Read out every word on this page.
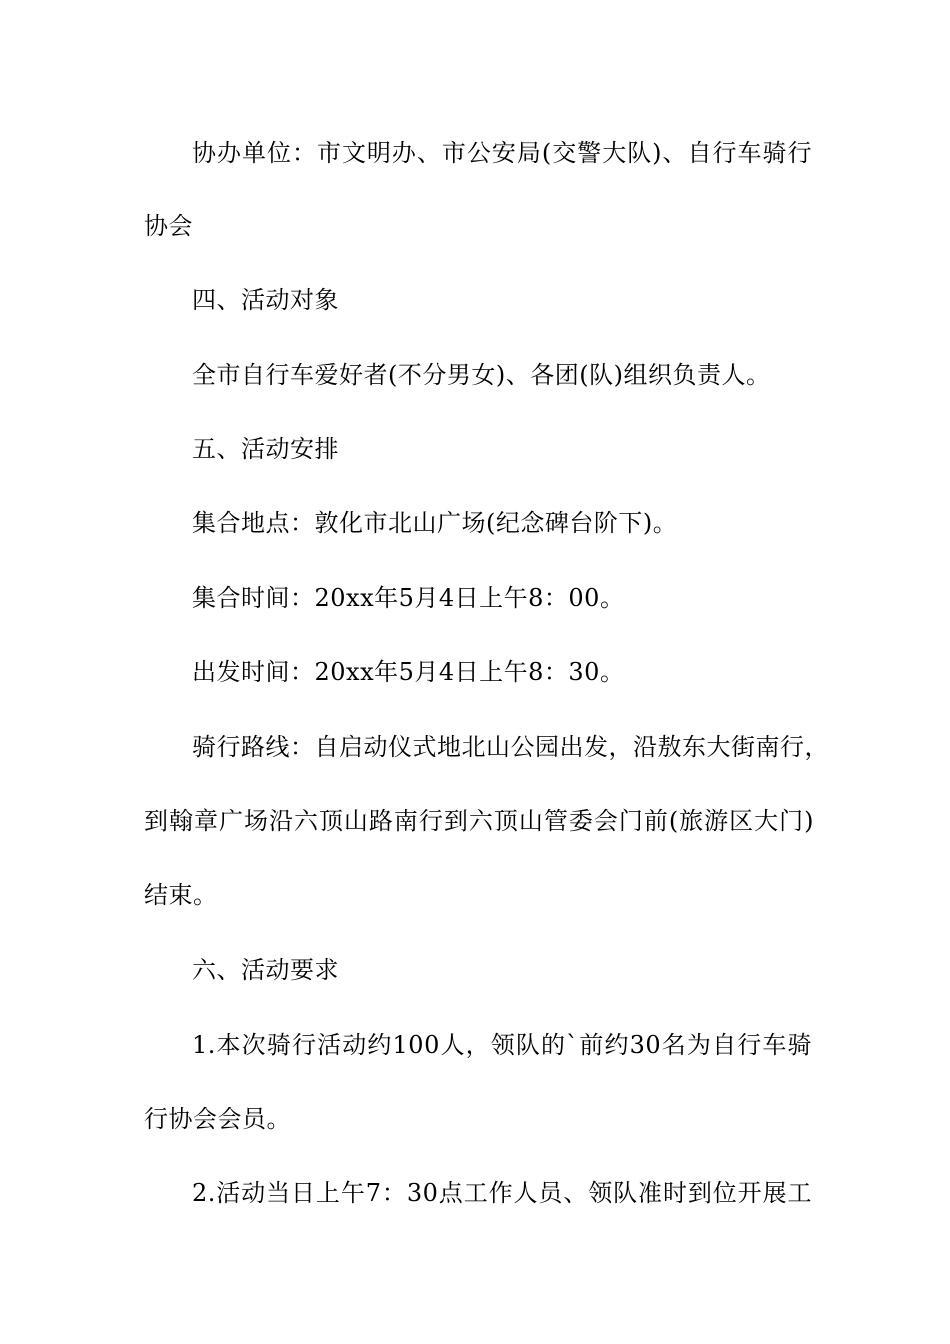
协办单位：市文明办、市公安局(交警大队)、自行车骑行
协会
四、活动对象
全市自行车爱好者(不分男女)、各团(队)组织负责人。
五、活动安排
集合地点：敦化市北山广场(纪念碑台阶下)。
集合时间：20xx年5月4日上午8：00。
出发时间：20xx年5月4日上午8：30。
骑行路线：自启动仪式地北山公园出发，沿敖东大街南行，
到翰章广场沿六顶山路南行到六顶山管委会门前(旅游区大门)
结束。
六、活动要求
1.本次骑行活动约100人，领队的`前约30名为自行车骑
行协会会员。
2.活动当日上午7：30点工作人员、领队准时到位开展工
